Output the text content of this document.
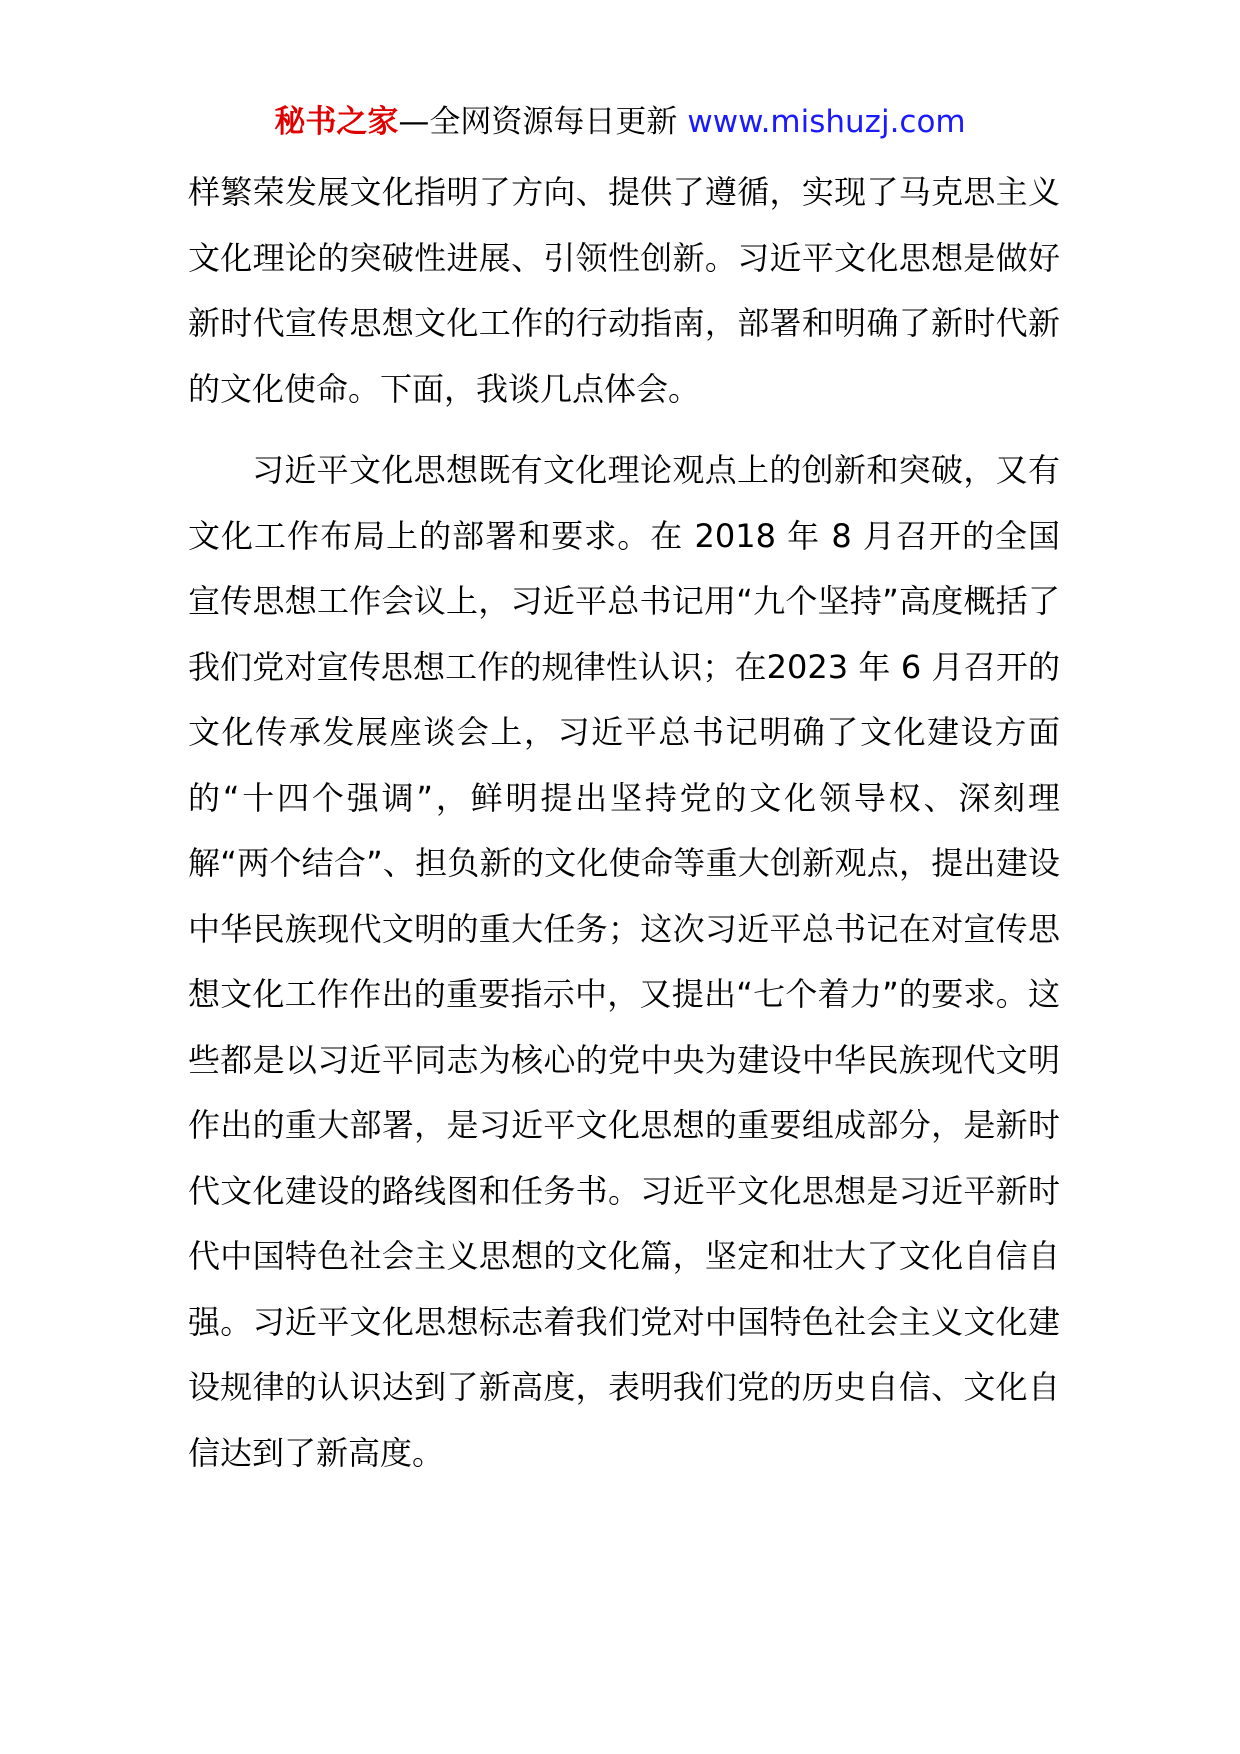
秘书之家—全网资源每日更新 www.mishuzj.com

样繁荣发展文化指明了方向、提供了遵循，实现了马克思主义文化理论的突破性进展、引领性创新。习近平文化思想是做好新时代宣传思想文化工作的行动指南，部署和明确了新时代新的文化使命。下面，我谈几点体会。

习近平文化思想既有文化理论观点上的创新和突破，又有文化工作布局上的部署和要求。在 2018 年 8 月召开的全国宣传思想工作会议上，习近平总书记用“九个坚持”高度概括了我们党对宣传思想工作的规律性认识；在2023 年 6 月召开的文化传承发展座谈会上，习近平总书记明确了文化建设方面的“十四个强调”，鲜明提出坚持党的文化领导权、深刻理解“两个结合”、担负新的文化使命等重大创新观点，提出建设中华民族现代文明的重大任务；这次习近平总书记在对宣传思想文化工作作出的重要指示中，又提出“七个着力”的要求。这些都是以习近平同志为核心的党中央为建设中华民族现代文明作出的重大部署，是习近平文化思想的重要组成部分，是新时代文化建设的路线图和任务书。习近平文化思想是习近平新时代中国特色社会主义思想的文化篇，坚定和壮大了文化自信自强。习近平文化思想标志着我们党对中国特色社会主义文化建设规律的认识达到了新高度，表明我们党的历史自信、文化自信达到了新高度。
